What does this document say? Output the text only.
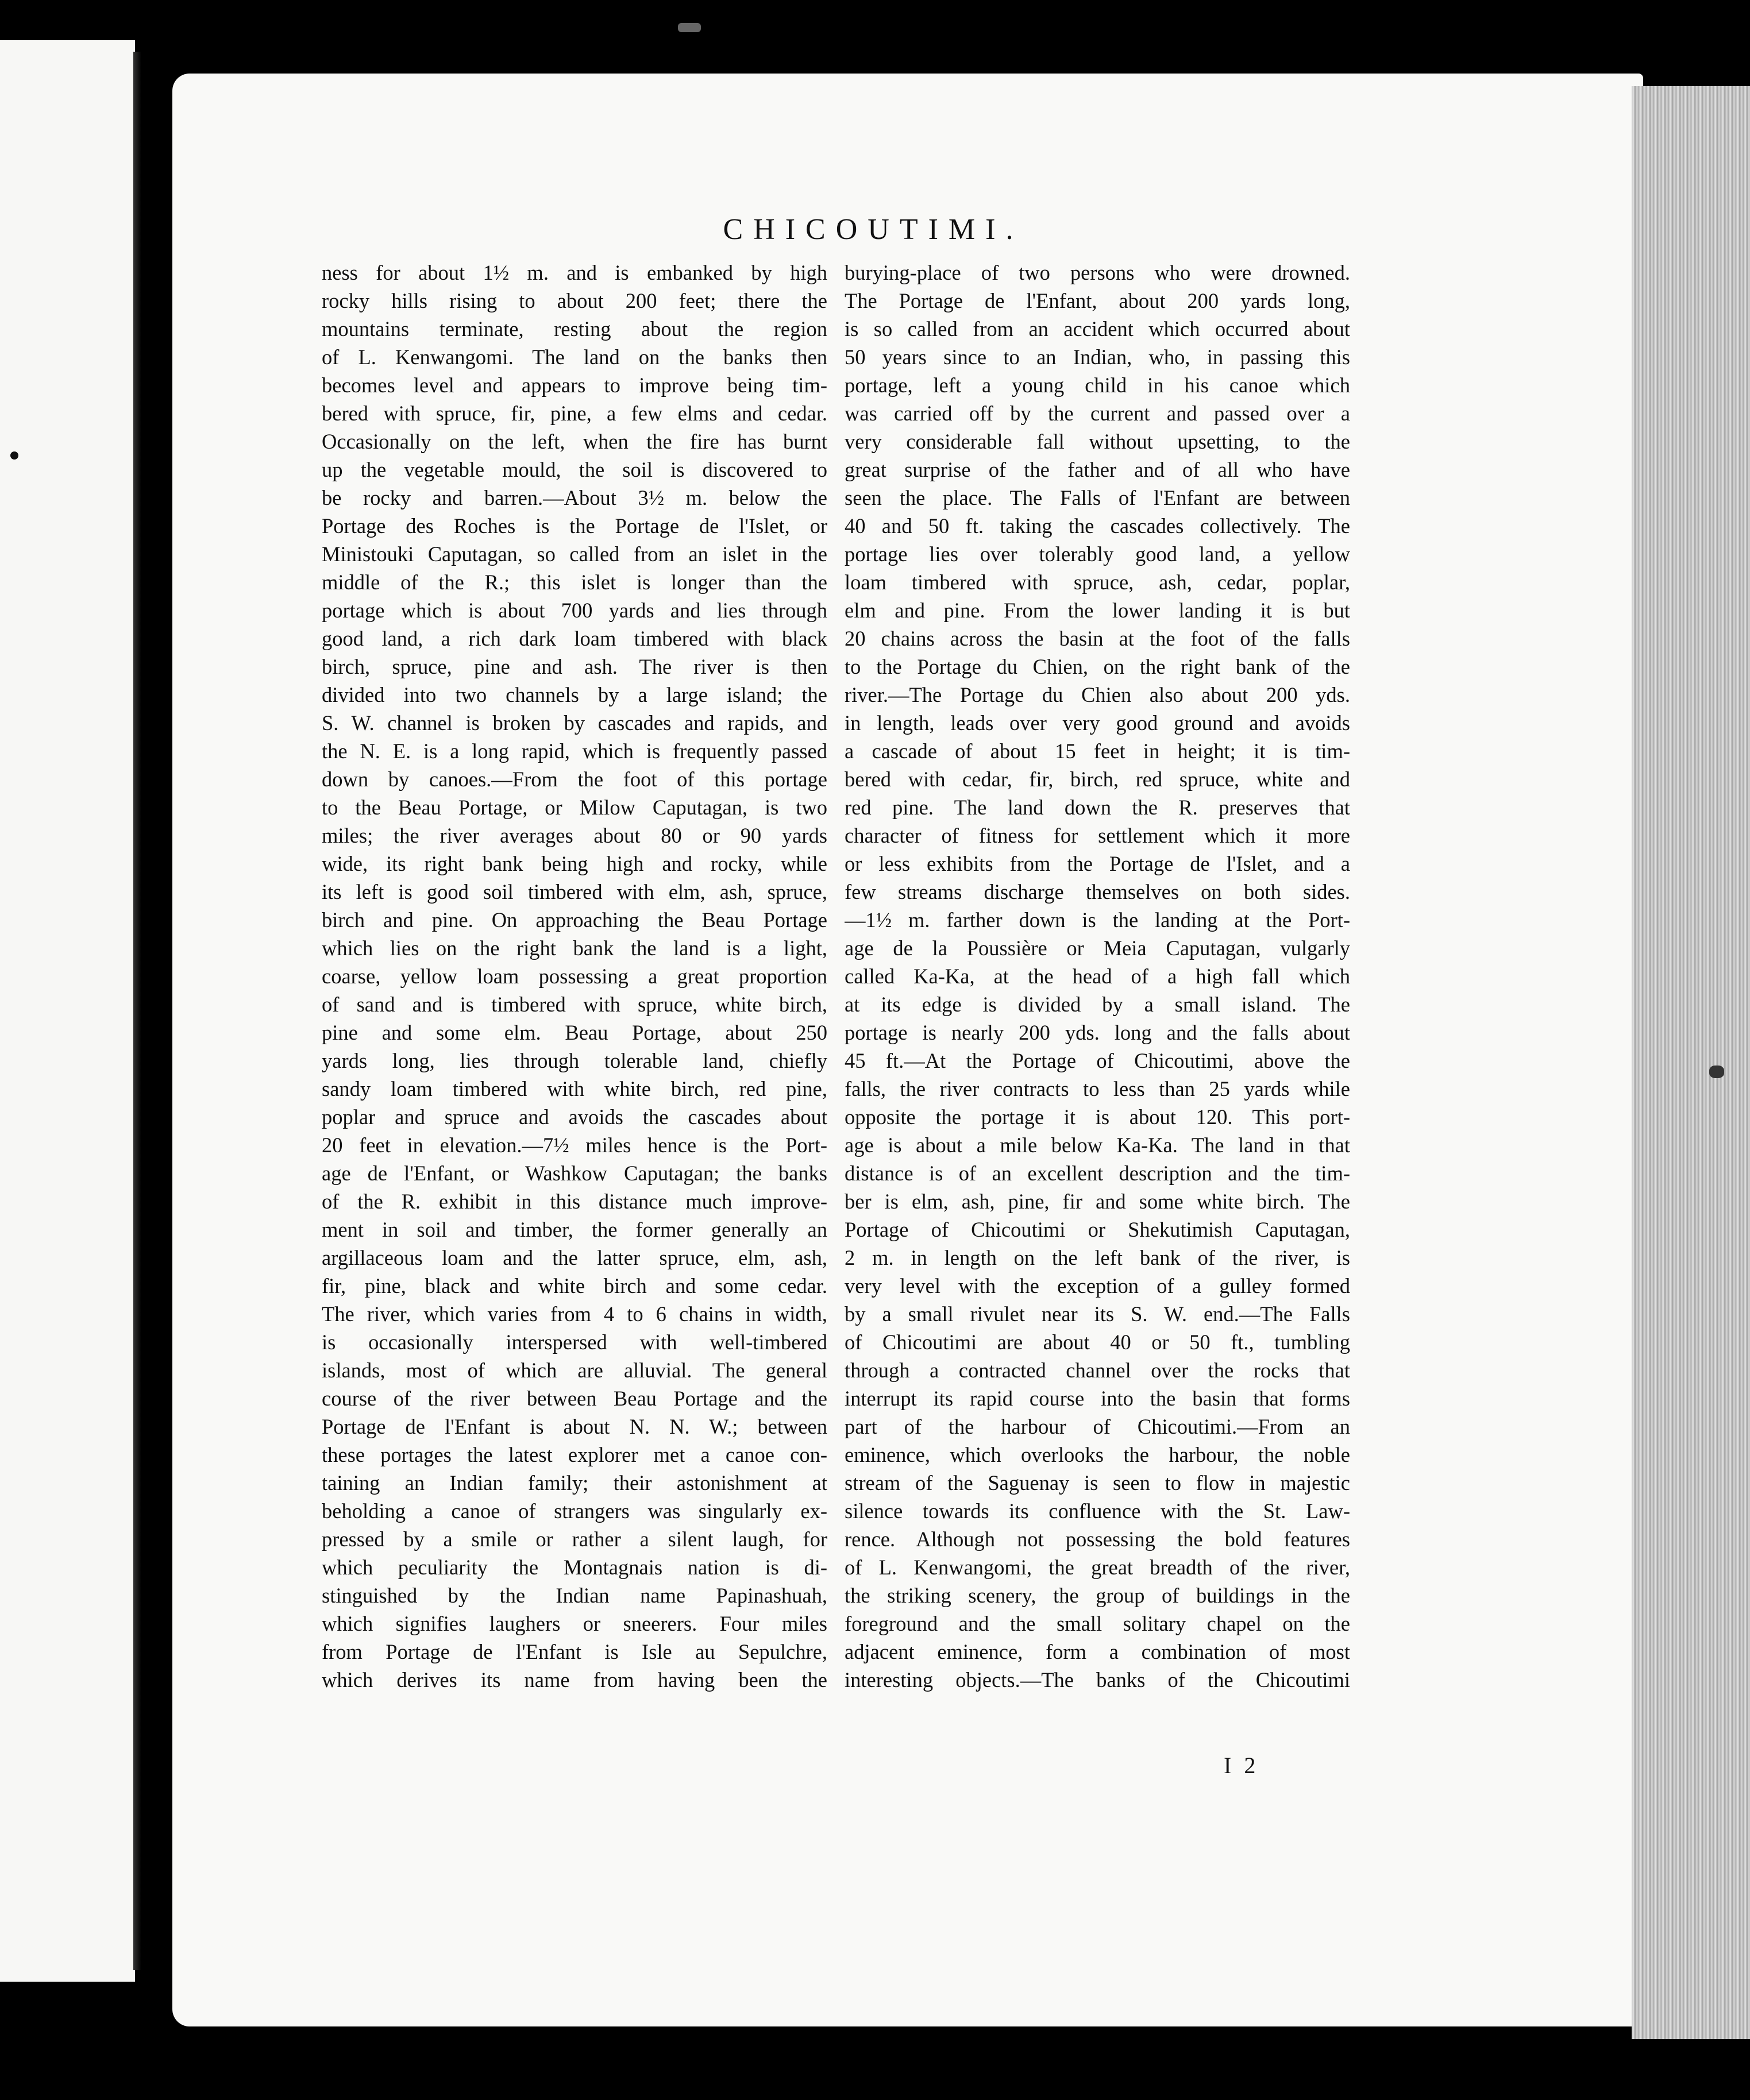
CHICOUTIMI.
ness for about 1½ m. and is embanked by high
rocky hills rising to about 200 feet; there the
mountains terminate, resting about the region
of L. Kenwangomi. The land on the banks then
becomes level and appears to improve being tim-
bered with spruce, fir, pine, a few elms and cedar.
Occasionally on the left, when the fire has burnt
up the vegetable mould, the soil is discovered to
be rocky and barren.—About 3½ m. below the
Portage des Roches is the Portage de l'Islet, or
Ministouki Caputagan, so called from an islet in the
middle of the R.; this islet is longer than the
portage which is about 700 yards and lies through
good land, a rich dark loam timbered with black
birch, spruce, pine and ash. The river is then
divided into two channels by a large island; the
S. W. channel is broken by cascades and rapids, and
the N. E. is a long rapid, which is frequently passed
down by canoes.—From the foot of this portage
to the Beau Portage, or Milow Caputagan, is two
miles; the river averages about 80 or 90 yards
wide, its right bank being high and rocky, while
its left is good soil timbered with elm, ash, spruce,
birch and pine. On approaching the Beau Portage
which lies on the right bank the land is a light,
coarse, yellow loam possessing a great proportion
of sand and is timbered with spruce, white birch,
pine and some elm. Beau Portage, about 250
yards long, lies through tolerable land, chiefly
sandy loam timbered with white birch, red pine,
poplar and spruce and avoids the cascades about
20 feet in elevation.—7½ miles hence is the Port-
age de l'Enfant, or Washkow Caputagan; the banks
of the R. exhibit in this distance much improve-
ment in soil and timber, the former generally an
argillaceous loam and the latter spruce, elm, ash,
fir, pine, black and white birch and some cedar.
The river, which varies from 4 to 6 chains in width,
is occasionally interspersed with well-timbered
islands, most of which are alluvial. The general
course of the river between Beau Portage and the
Portage de l'Enfant is about N. N. W.; between
these portages the latest explorer met a canoe con-
taining an Indian family; their astonishment at
beholding a canoe of strangers was singularly ex-
pressed by a smile or rather a silent laugh, for
which peculiarity the Montagnais nation is di-
stinguished by the Indian name Papinashuah,
which signifies laughers or sneerers. Four miles
from Portage de l'Enfant is Isle au Sepulchre,
which derives its name from having been the
burying-place of two persons who were drowned.
The Portage de l'Enfant, about 200 yards long,
is so called from an accident which occurred about
50 years since to an Indian, who, in passing this
portage, left a young child in his canoe which
was carried off by the current and passed over a
very considerable fall without upsetting, to the
great surprise of the father and of all who have
seen the place. The Falls of l'Enfant are between
40 and 50 ft. taking the cascades collectively. The
portage lies over tolerably good land, a yellow
loam timbered with spruce, ash, cedar, poplar,
elm and pine. From the lower landing it is but
20 chains across the basin at the foot of the falls
to the Portage du Chien, on the right bank of the
river.—The Portage du Chien also about 200 yds.
in length, leads over very good ground and avoids
a cascade of about 15 feet in height; it is tim-
bered with cedar, fir, birch, red spruce, white and
red pine. The land down the R. preserves that
character of fitness for settlement which it more
or less exhibits from the Portage de l'Islet, and a
few streams discharge themselves on both sides.
—1½ m. farther down is the landing at the Port-
age de la Poussière or Meia Caputagan, vulgarly
called Ka-Ka, at the head of a high fall which
at its edge is divided by a small island. The
portage is nearly 200 yds. long and the falls about
45 ft.—At the Portage of Chicoutimi, above the
falls, the river contracts to less than 25 yards while
opposite the portage it is about 120. This port-
age is about a mile below Ka-Ka. The land in that
distance is of an excellent description and the tim-
ber is elm, ash, pine, fir and some white birch. The
Portage of Chicoutimi or Shekutimish Caputagan,
2 m. in length on the left bank of the river, is
very level with the exception of a gulley formed
by a small rivulet near its S. W. end.—The Falls
of Chicoutimi are about 40 or 50 ft., tumbling
through a contracted channel over the rocks that
interrupt its rapid course into the basin that forms
part of the harbour of Chicoutimi.—From an
eminence, which overlooks the harbour, the noble
stream of the Saguenay is seen to flow in majestic
silence towards its confluence with the St. Law-
rence. Although not possessing the bold features
of L. Kenwangomi, the great breadth of the river,
the striking scenery, the group of buildings in the
foreground and the small solitary chapel on the
adjacent eminence, form a combination of most
interesting objects.—The banks of the Chicoutimi
I 2
